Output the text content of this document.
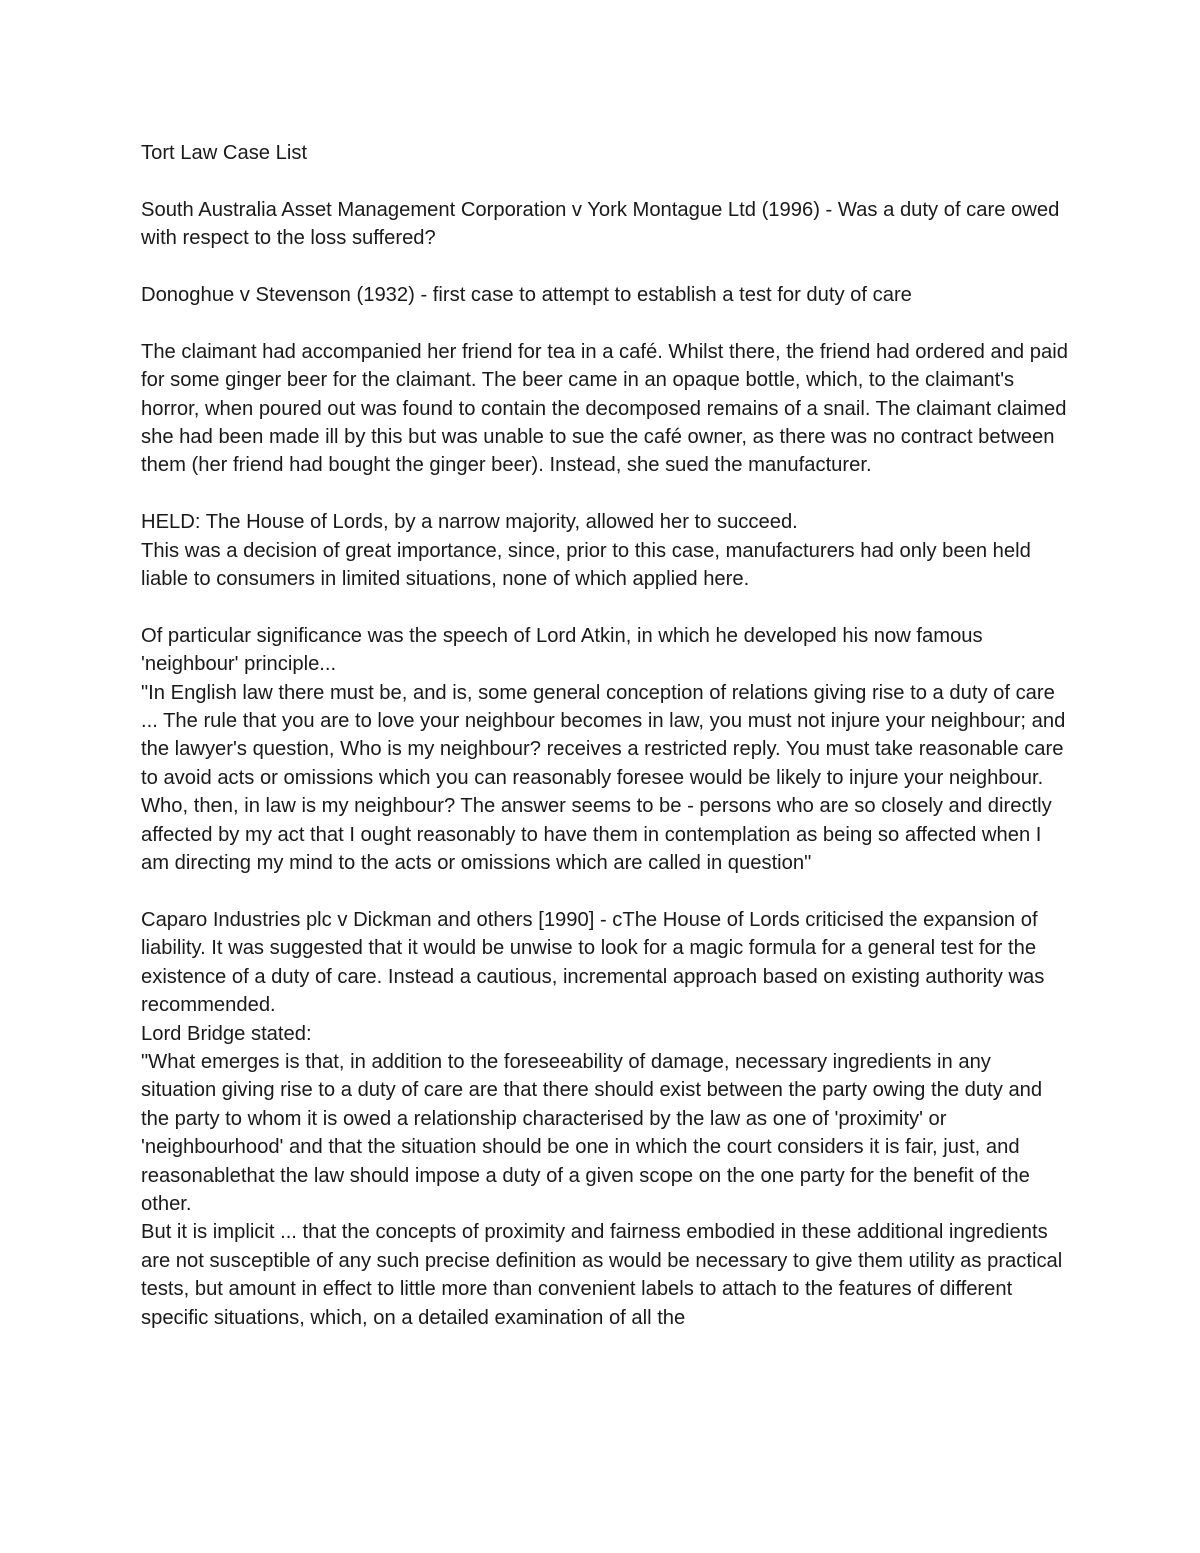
Tort Law Case List

South Australia Asset Management Corporation v York Montague Ltd (1996) - Was a duty of care owed with respect to the loss suffered?

Donoghue v Stevenson (1932) - first case to attempt to establish a test for duty of care

The claimant had accompanied her friend for tea in a café. Whilst there, the friend had ordered and paid for some ginger beer for the claimant. The beer came in an opaque bottle, which, to the claimant's horror, when poured out was found to contain the decomposed remains of a snail. The claimant claimed she had been made ill by this but was unable to sue the café owner, as there was no contract between them (her friend had bought the ginger beer). Instead, she sued the manufacturer.

HELD: The House of Lords, by a narrow majority, allowed her to succeed.

This was a decision of great importance, since, prior to this case, manufacturers had only been held liable to consumers in limited situations, none of which applied here.

Of particular significance was the speech of Lord Atkin, in which he developed his now famous 'neighbour' principle...

"In English law there must be, and is, some general conception of relations giving rise to a duty of care ... The rule that you are to love your neighbour becomes in law, you must not injure your neighbour; and the lawyer's question, Who is my neighbour? receives a restricted reply. You must take reasonable care to avoid acts or omissions which you can reasonably foresee would be likely to injure your neighbour. Who, then, in law is my neighbour? The answer seems to be - persons who are so closely and directly affected by my act that I ought reasonably to have them in contemplation as being so affected when I am directing my mind to the acts or omissions which are called in question"

Caparo Industries plc v Dickman and others [1990] - cThe House of Lords criticised the expansion of liability. It was suggested that it would be unwise to look for a magic formula for a general test for the existence of a duty of care. Instead a cautious, incremental approach based on existing authority was recommended.

Lord Bridge stated:

"What emerges is that, in addition to the foreseeability of damage, necessary ingredients in any situation giving rise to a duty of care are that there should exist between the party owing the duty and the party to whom it is owed a relationship characterised by the law as one of 'proximity' or 'neighbourhood' and that the situation should be one in which the court considers it is fair, just, and reasonablethat the law should impose a duty of a given scope on the one party for the benefit of the other.

But it is implicit ... that the concepts of proximity and fairness embodied in these additional ingredients are not susceptible of any such precise definition as would be necessary to give them utility as practical tests, but amount in effect to little more than convenient labels to attach to the features of different specific situations, which, on a detailed examination of all the
